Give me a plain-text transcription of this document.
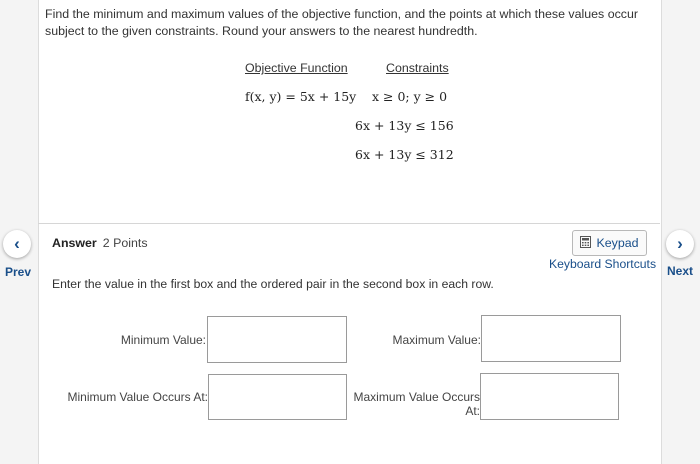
Find the minimum and maximum values of the objective function, and the points at which these values occur subject to the given constraints. Round your answers to the nearest hundredth.
Objective Function	Constraints
f(x, y) = 5x + 15y x ≥ 0; y ≥ 0
6x + 13y ≤ 156
6x + 13y ≤ 312
‹
Prev
›
Next
Answer 2 Points	Keypad
Keyboard Shortcuts
Enter the value in the first box and the ordered pair in the second box in each row.
Minimum Value:	Maximum Value:
Minimum Value Occurs At:	Maximum Value Occurs At:
